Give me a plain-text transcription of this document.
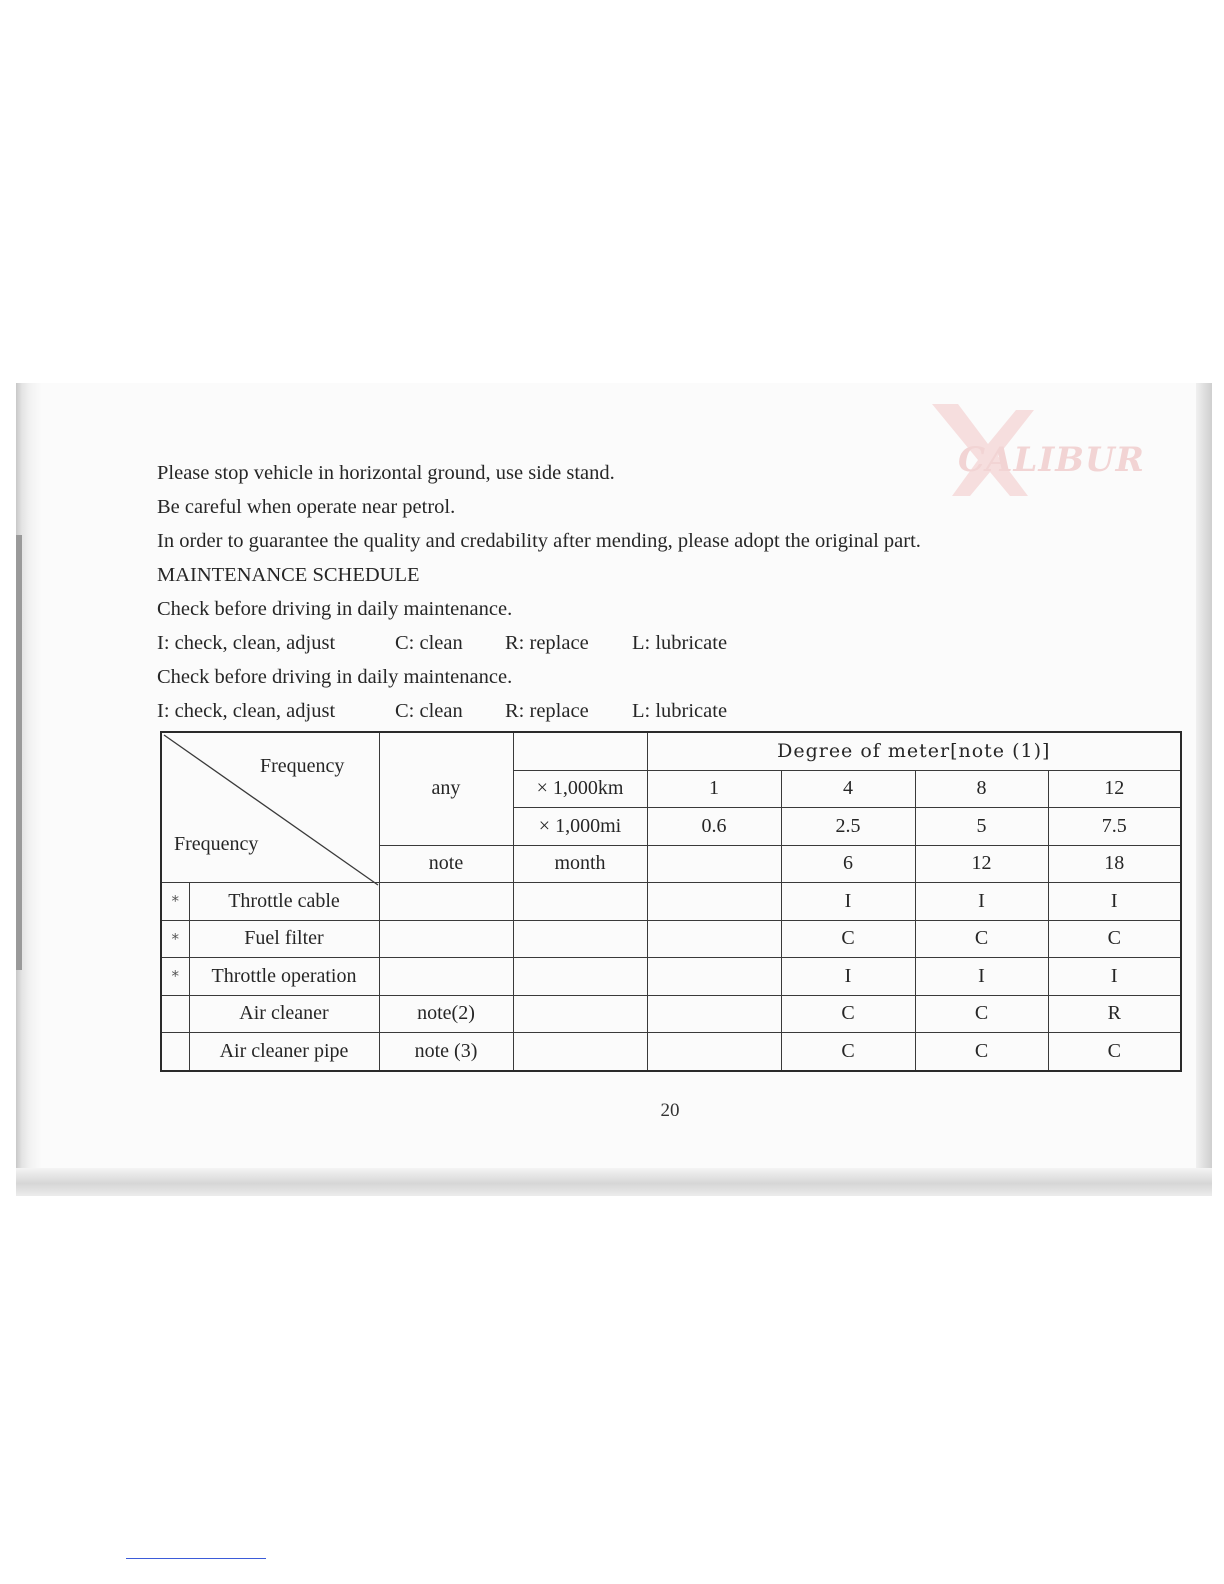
CALIBUR
Please stop vehicle in horizontal ground, use side stand.
Be careful when operate near petrol.
In order to guarantee the quality and credability after mending, please adopt the original part.
MAINTENANCE SCHEDULE
Check before driving in daily maintenance.
I: check, clean, adjust	C: clean R: replace L: lubricate
Check before driving in daily maintenance.
I: check, clean, adjust	C: clean R: replace L: lubricate
Frequency
Frequency		any		Degree of meter[note (1)]			
			× 1,000km	1	4	8	12
			× 1,000mi	0.6	2.5	5	7.5
		note	month		6	12	18
*	Throttle cable				I	I	I
*	Fuel filter				C	C	C
*	Throttle operation				I	I	I
	Air cleaner	note(2)			C	C	R
	Air cleaner pipe	note (3)			C	C	C
20
